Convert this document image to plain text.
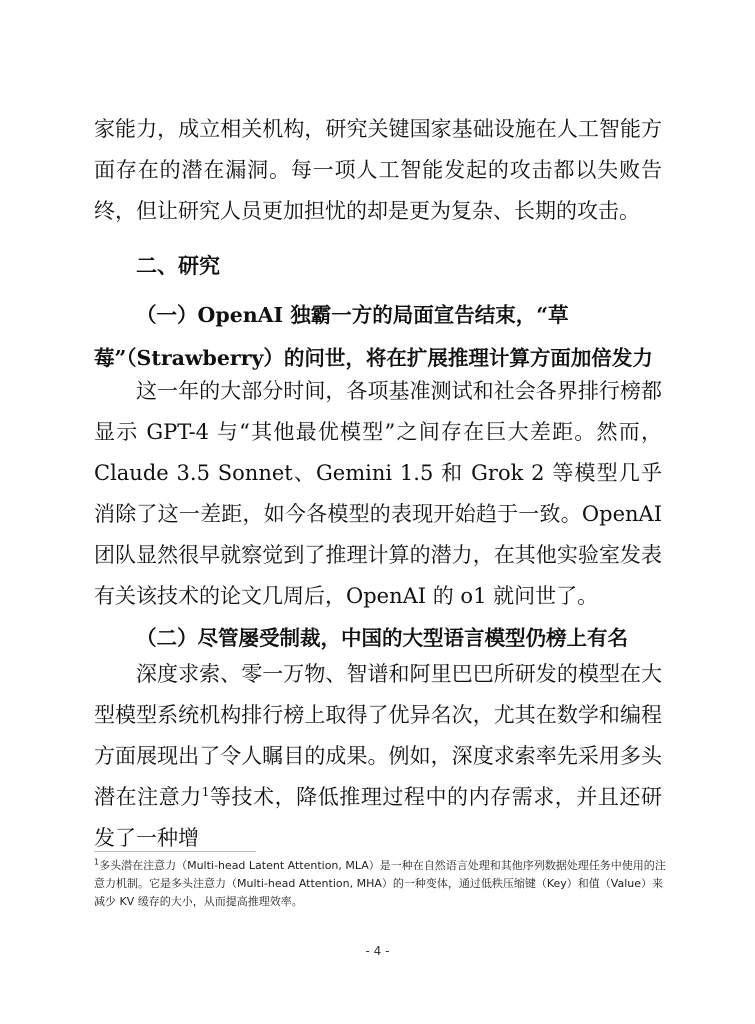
家能力，成立相关机构，研究关键国家基础设施在人工智能方面存在的潜在漏洞。每一项人工智能发起的攻击都以失败告终，但让研究人员更加担忧的却是更为复杂、长期的攻击。

二、研究

（一）OpenAI 独霸一方的局面宣告结束，“草莓”（Strawberry）的问世，将在扩展推理计算方面加倍发力

这一年的大部分时间，各项基准测试和社会各界排行榜都显示 GPT-4 与“其他最优模型”之间存在巨大差距。然而，Claude 3.5 Sonnet、Gemini 1.5 和 Grok 2 等模型几乎消除了这一差距，如今各模型的表现开始趋于一致。OpenAI 团队显然很早就察觉到了推理计算的潜力，在其他实验室发表有关该技术的论文几周后，OpenAI 的 o1 就问世了。

（二）尽管屡受制裁，中国的大型语言模型仍榜上有名

深度求索、零一万物、智谱和阿里巴巴所研发的模型在大型模型系统机构排行榜上取得了优异名次，尤其在数学和编程方面展现出了令人瞩目的成果。例如，深度求索率先采用多头潜在注意力$^1$等技术，降低推理过程中的内存需求，并且还研发了一种增

$^1$多头潜在注意力（Multi-head Latent Attention, MLA）是一种在自然语言处理和其他序列数据处理任务中使用的注意力机制。它是多头注意力（Multi-head Attention, MHA）的一种变体，通过低秩压缩键（Key）和值（Value）来减少 KV 缓存的大小，从而提高推理效率。

- 4 -
